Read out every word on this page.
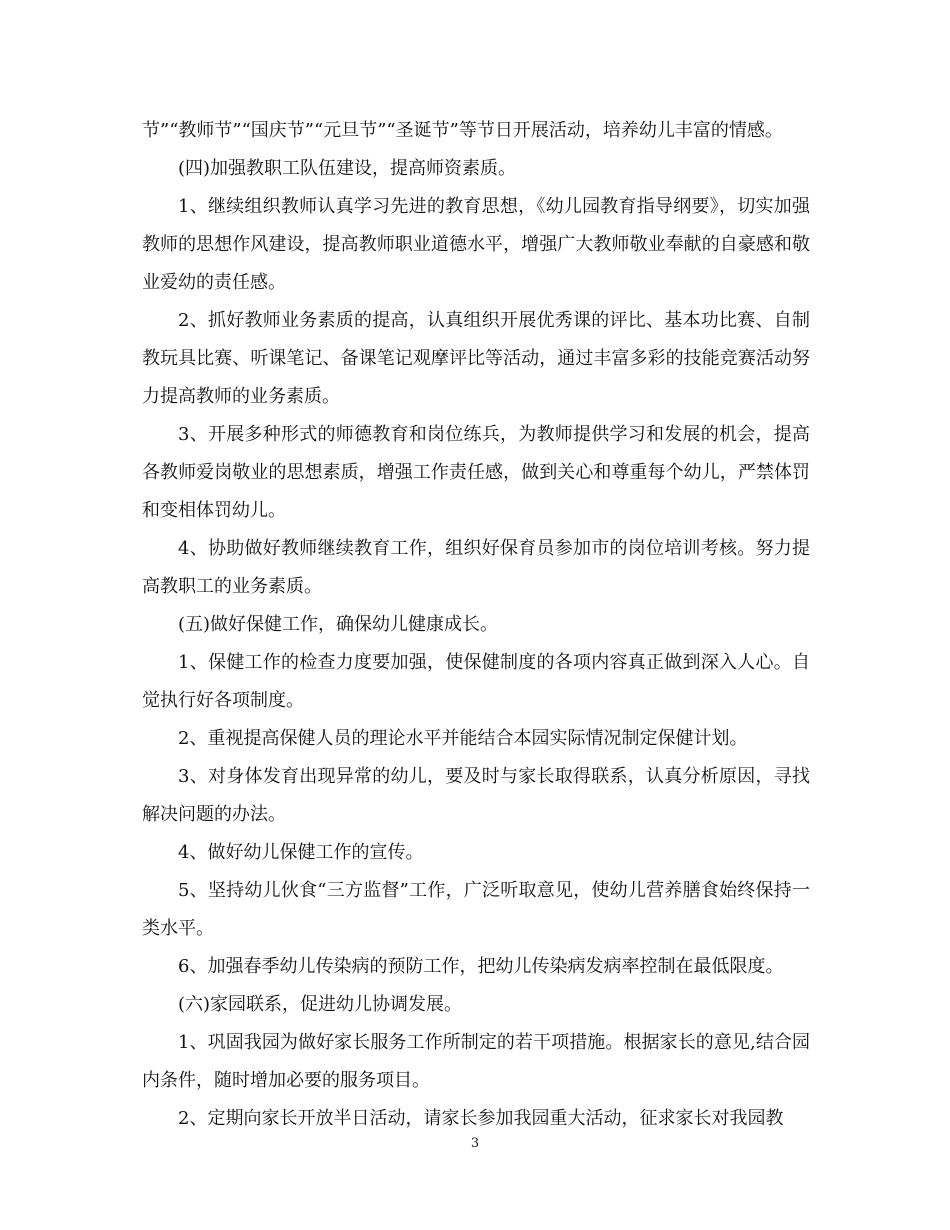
节”“教师节”“国庆节”“元旦节”“圣诞节”等节日开展活动，培养幼儿丰富的情感。

(四)加强教职工队伍建设，提高师资素质。

1、继续组织教师认真学习先进的教育思想，《幼儿园教育指导纲要》，切实加强教师的思想作风建设，提高教师职业道德水平，增强广大教师敬业奉献的自豪感和敬业爱幼的责任感。

2、抓好教师业务素质的提高，认真组织开展优秀课的评比、基本功比赛、自制教玩具比赛、听课笔记、备课笔记观摩评比等活动，通过丰富多彩的技能竞赛活动努力提高教师的业务素质。

3、开展多种形式的师德教育和岗位练兵，为教师提供学习和发展的机会，提高各教师爱岗敬业的思想素质，增强工作责任感，做到关心和尊重每个幼儿，严禁体罚和变相体罚幼儿。

4、协助做好教师继续教育工作，组织好保育员参加市的岗位培训考核。努力提高教职工的业务素质。

(五)做好保健工作，确保幼儿健康成长。

1、保健工作的检查力度要加强，使保健制度的各项内容真正做到深入人心。自觉执行好各项制度。

2、重视提高保健人员的理论水平并能结合本园实际情况制定保健计划。

3、对身体发育出现异常的幼儿，要及时与家长取得联系，认真分析原因，寻找解决问题的办法。

4、做好幼儿保健工作的宣传。

5、坚持幼儿伙食“三方监督”工作，广泛听取意见，使幼儿营养膳食始终保持一类水平。

6、加强春季幼儿传染病的预防工作，把幼儿传染病发病率控制在最低限度。

(六)家园联系，促进幼儿协调发展。

1、巩固我园为做好家长服务工作所制定的若干项措施。根据家长的意见,结合园内条件，随时增加必要的服务项目。

2、定期向家长开放半日活动，请家长参加我园重大活动，征求家长对我园教

3
